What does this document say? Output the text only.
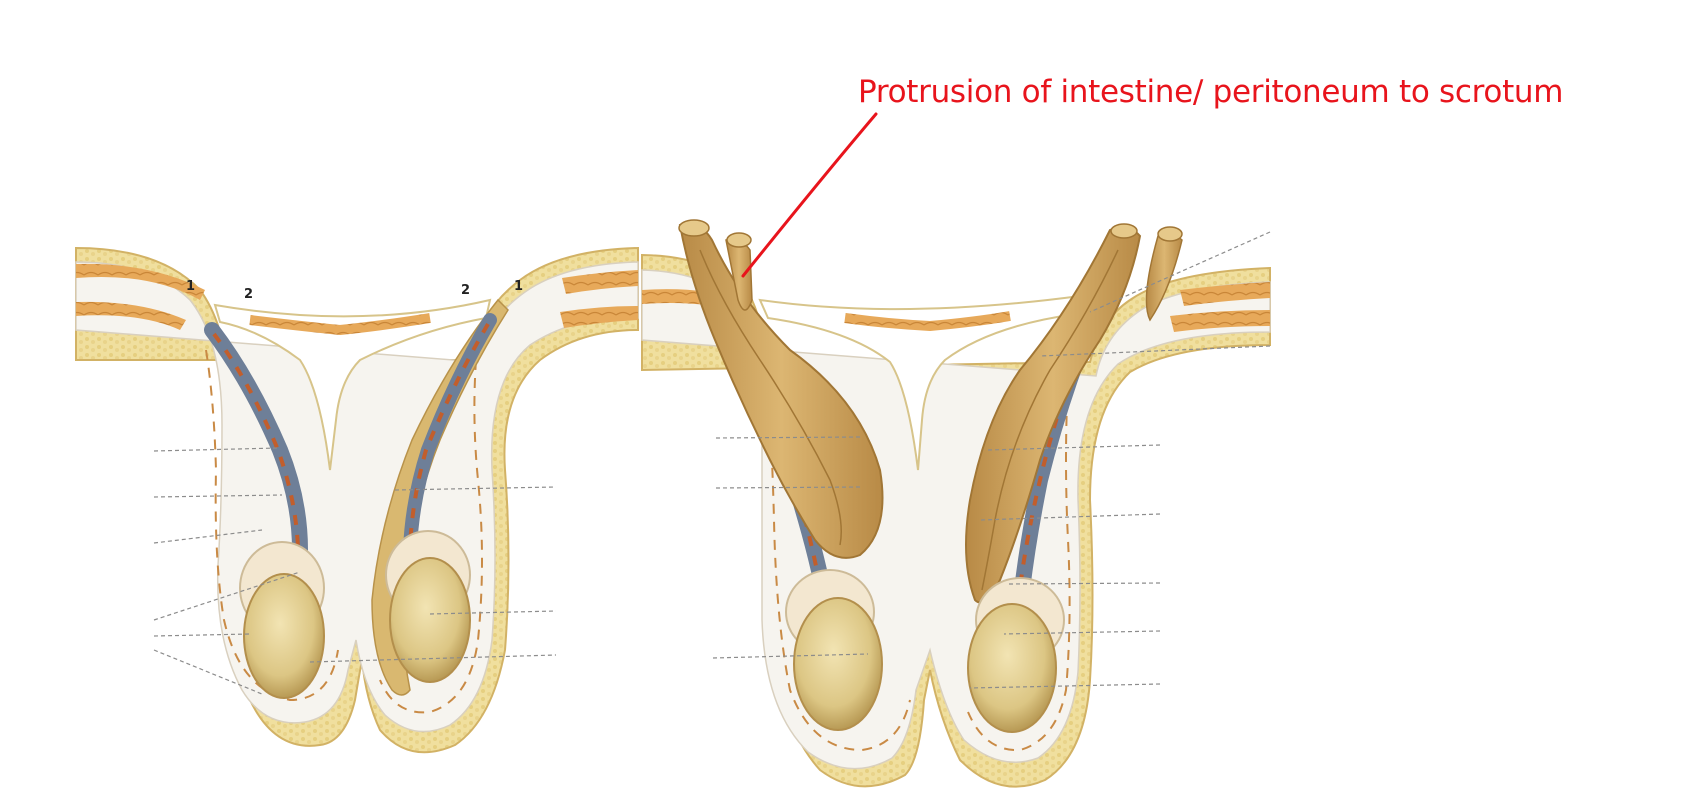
1
2	2	1
Protrusion of intestine/ peritoneum to scrotum
